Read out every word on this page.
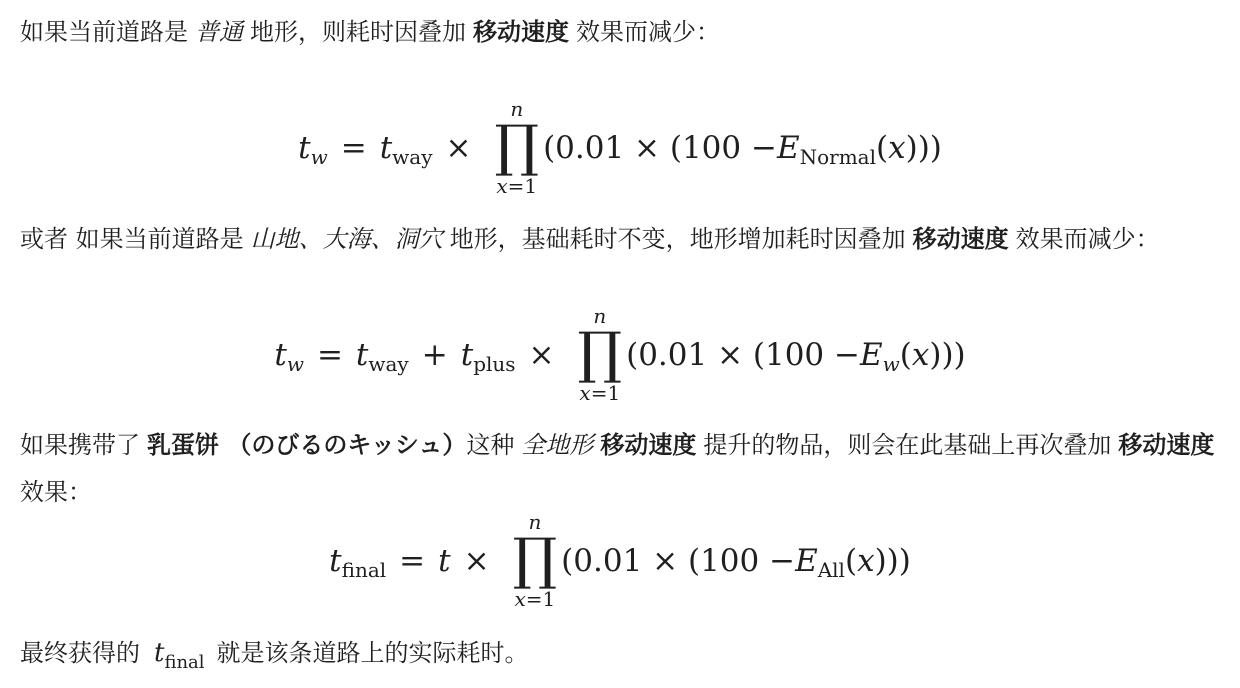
如果当前道路是 普通 地形，则耗时因叠加 移动速度 效果而减少：

t w = t way ×
n
∏
x=1
(0.01 × (100 − E Normal ( x )))

或者 如果当前道路是 山地、大海、洞穴 地形，基础耗时不变，地形增加耗时因叠加 移动速度 效果而减少：

t w = t way + t plus ×
n
∏
x=1
(0.01 × (100 − E w ( x )))

如果携带了 乳蛋饼 （のびるのキッシュ）这种 全地形 移动速度 提升的物品，则会在此基础上再次叠加 移动速度效果：

t final = t ×
n
∏
x=1
(0.01 × (100 − E All ( x )))

最终获得的 $t_{final}$ 就是该条道路上的实际耗时。
